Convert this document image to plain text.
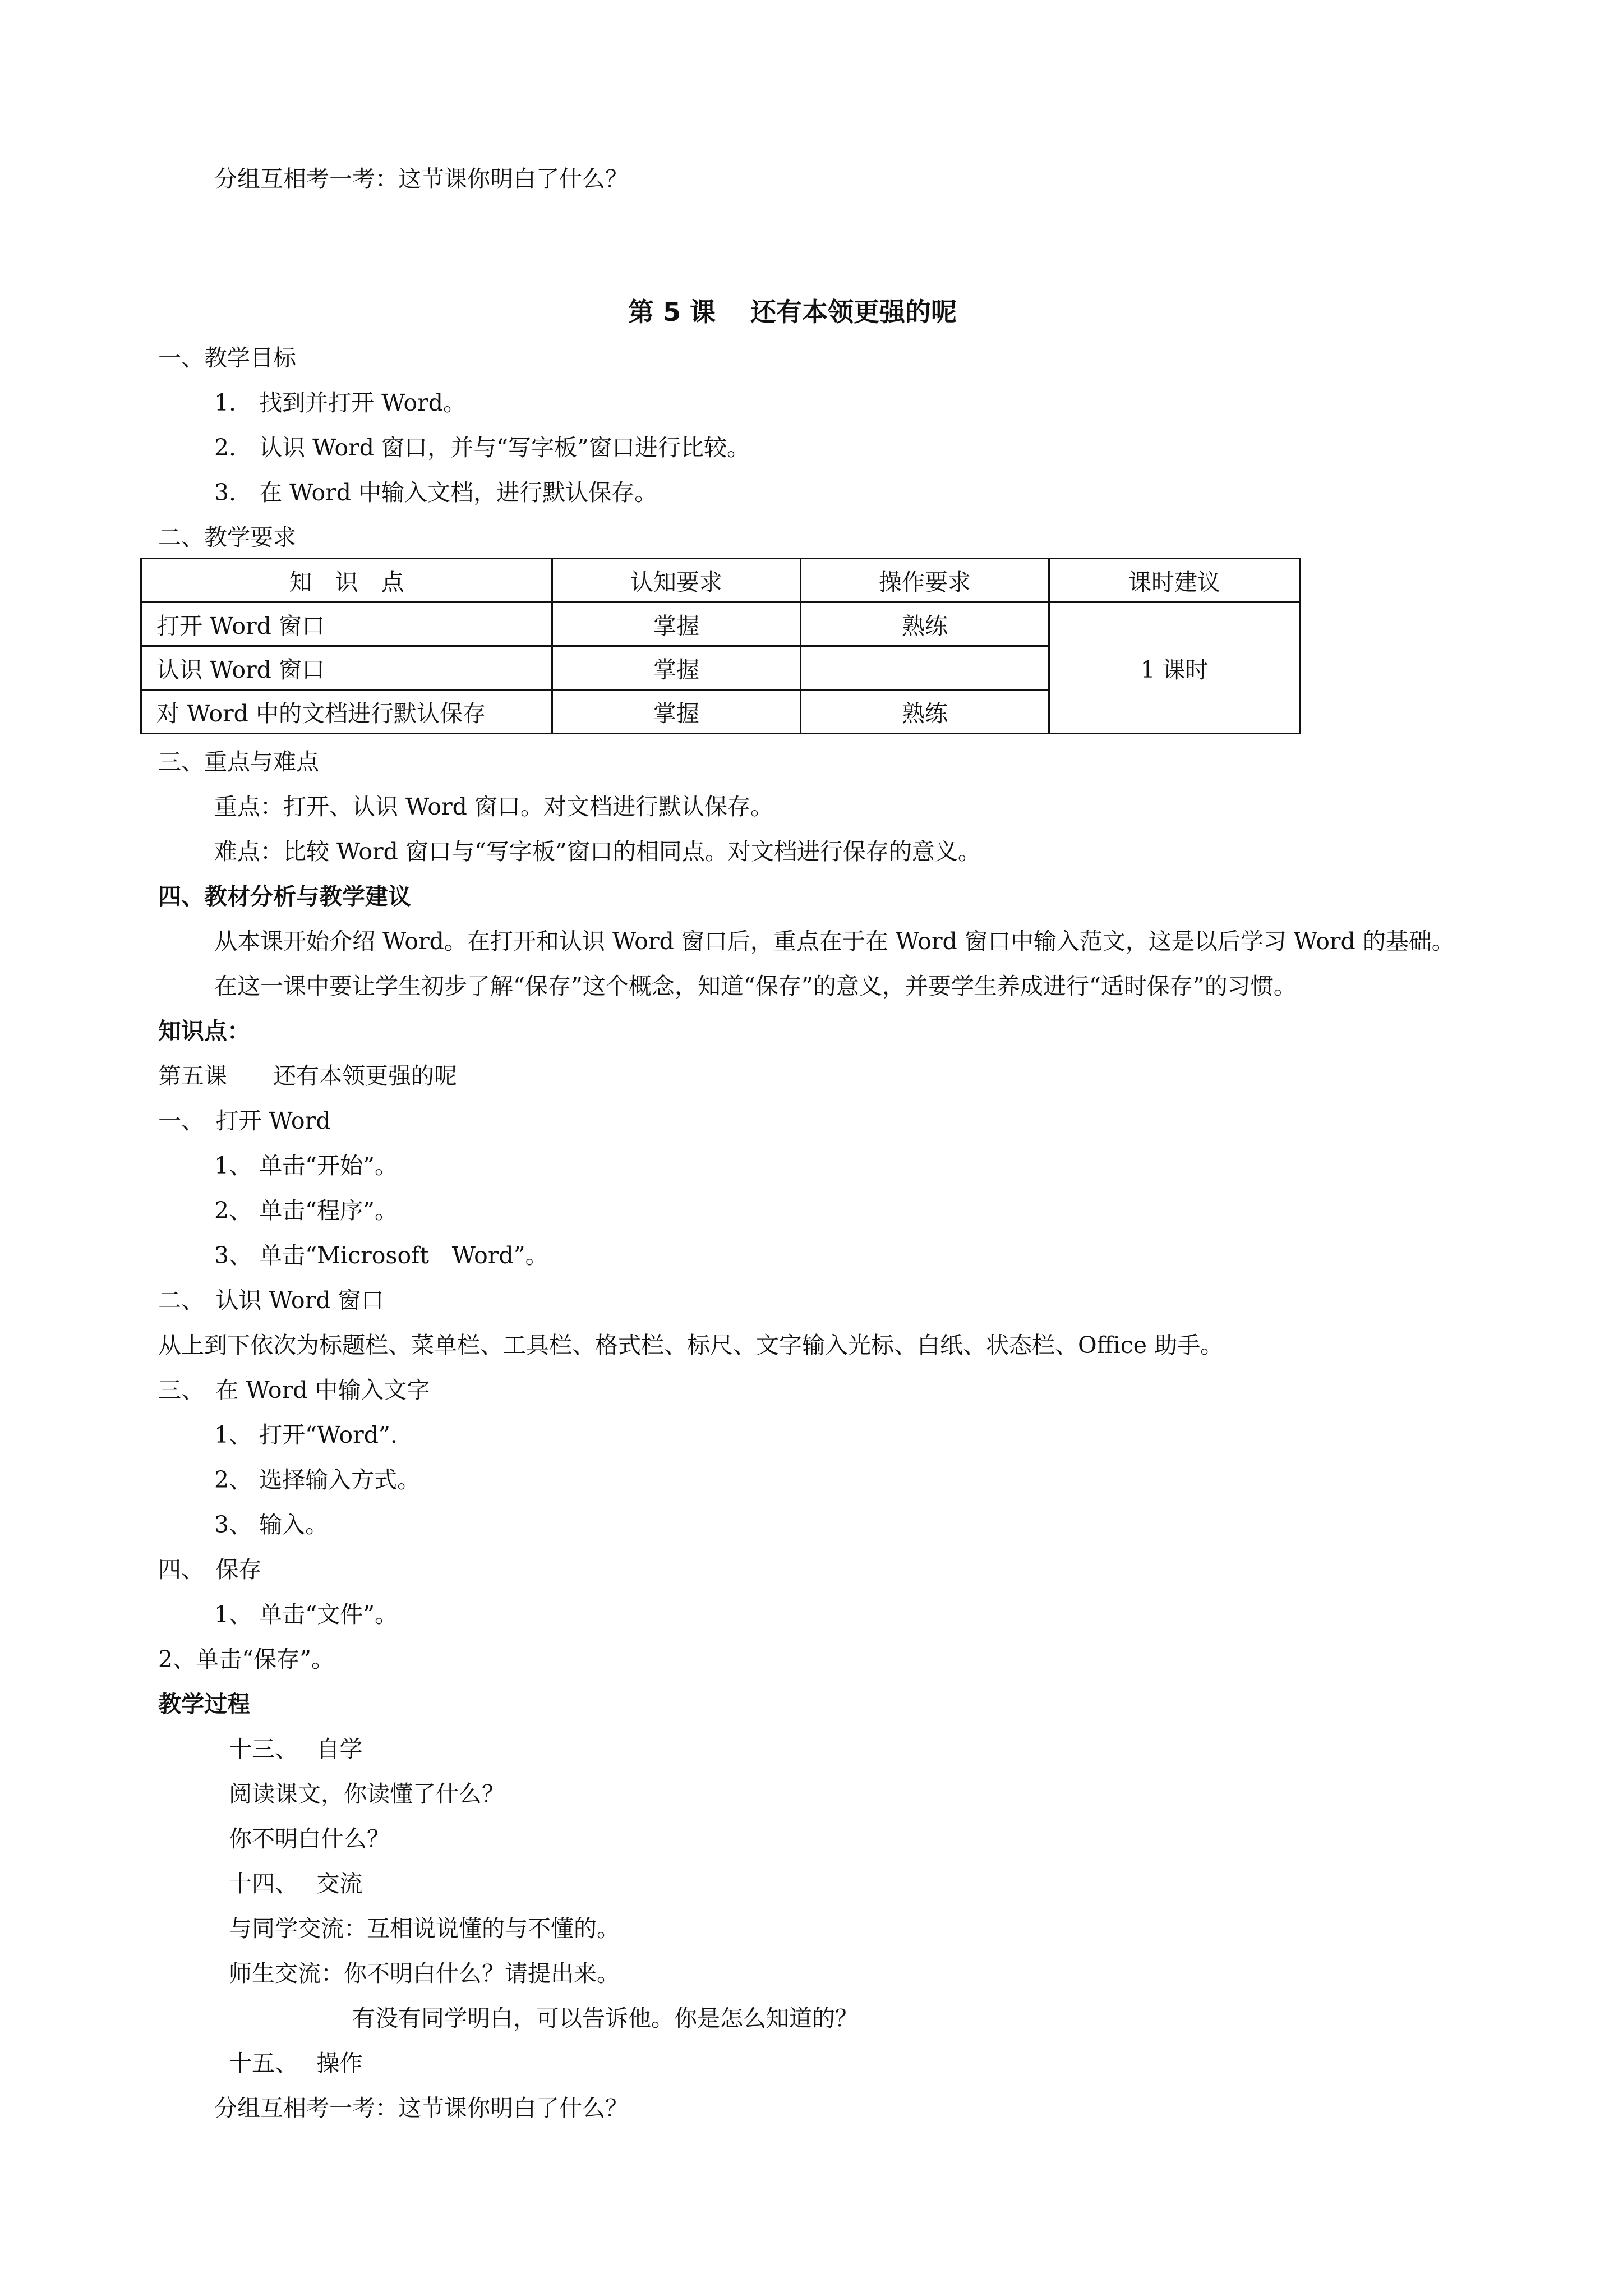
分组互相考一考：这节课你明白了什么？
第 5 课　 还有本领更强的呢
一、教学目标
1． 找到并打开 Word。
2． 认识 Word 窗口，并与“写字板”窗口进行比较。
3． 在 Word 中输入文档，进行默认保存。
二、教学要求
知　识　点	认知要求	操作要求	课时建议
打开 Word 窗口	掌握	熟练	1 课时
认识 Word 窗口	掌握		
对 Word 中的文档进行默认保存	掌握	熟练	
三、重点与难点
重点：打开、认识 Word 窗口。对文档进行默认保存。
难点：比较 Word 窗口与“写字板”窗口的相同点。对文档进行保存的意义。
四、教材分析与教学建议
从本课开始介绍 Word。在打开和认识 Word 窗口后，重点在于在 Word 窗口中输入范文，这是以后学习 Word 的基础。
在这一课中要让学生初步了解“保存”这个概念，知道“保存”的意义，并要学生养成进行“适时保存”的习惯。
知识点：
第五课　　还有本领更强的呢
一、　打开 Word
1、 单击“开始”。
2、 单击“程序”。
3、 单击“Microsoft　Word”。
二、　认识 Word 窗口
从上到下依次为标题栏、菜单栏、工具栏、格式栏、标尺、文字输入光标、白纸、状态栏、Office 助手。
三、　在 Word 中输入文字
1、 打开“Word”.
2、 选择输入方式。
3、 输入。
四、　保存
1、 单击“文件”。
2、单击“保存”。
教学过程
十三、　 自学
阅读课文，你读懂了什么？
你不明白什么？
十四、　 交流
与同学交流：互相说说懂的与不懂的。
师生交流：你不明白什么？请提出来。
有没有同学明白，可以告诉他。你是怎么知道的？
十五、　 操作
分组互相考一考：这节课你明白了什么？
